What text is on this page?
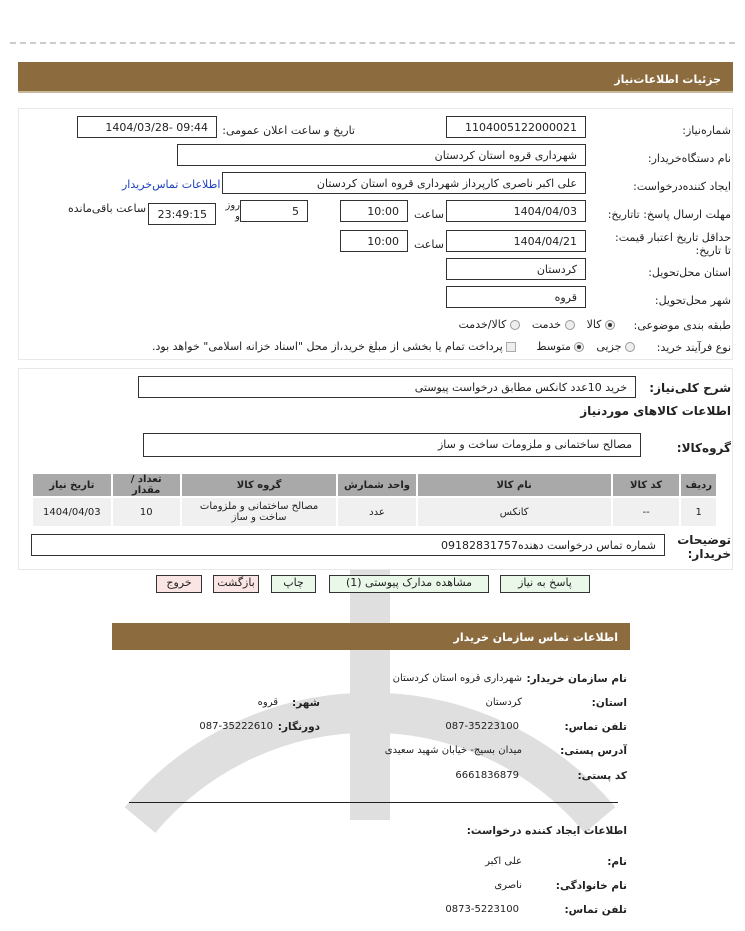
جزئیات اطلاعات‌نیاز
شماره‌نیاز:
1104005122000021
تاریخ و ساعت اعلان عمومی:
1404/03/28- 09:44
نام دستگاه‌خریدار:
شهرداری قروه استان کردستان
ایجاد کننده‌درخواست:
علی اکبر ناصری کارپرداز شهرداری قروه استان کردستان
اطلاعات تماس‌خریدار
مهلت ارسال پاسخ: تاتاریخ:
1404/04/03
ساعت
10:00
5
روز و
23:49:15
ساعت باقی‌مانده
حداقل تاریخ اعتبار قیمت: تا تاریخ:
1404/04/21
ساعت
10:00
استان محل‌تحویل:
کردستان
شهر محل‌تحویل:
قروه
طبقه بندی موضوعی:
کالا
خدمت
کالا/خدمت
نوع فرآیند خرید:
جزیی
متوسط
پرداخت تمام یا بخشی از مبلغ خرید،از محل "اسناد خزانه اسلامی" خواهد بود.
شرح کلی‌نیاز:
خرید 10عدد کانکس مطابق درخواست پیوستی
اطلاعات کالاهای موردنیاز
گروه‌کالا:
مصالح ساختمانی و ملزومات ساخت و ساز
ردیف	کد کالا	نام کالا	واحد شمارش	گروه کالا	تعداد / مقدار	تاریخ نیاز
1	--	کانکس	عدد	مصالح ساختمانی و ملزومات ساخت و ساز	10	1404/04/03
توضیحات خریدار:
شماره تماس درخواست دهنده09182831757
پاسخ به نیاز
مشاهده مدارک پیوستی (1)
چاپ
بازگشت
خروج
اطلاعات تماس سازمان خریدار
نام سازمان خریدار:
شهرداری قروه استان کردستان
استان:
کردستان
شهر:
قروه
تلفن تماس:
087-35223100
دورنگار:
087-35222610
آدرس پستی:
میدان بسیج- خیابان شهید سعیدی
کد پستی:
6661836879
اطلاعات ایجاد کننده درخواست:
نام:
علی اکبر
نام خانوادگی:
ناصری
تلفن تماس:
0873-5223100
